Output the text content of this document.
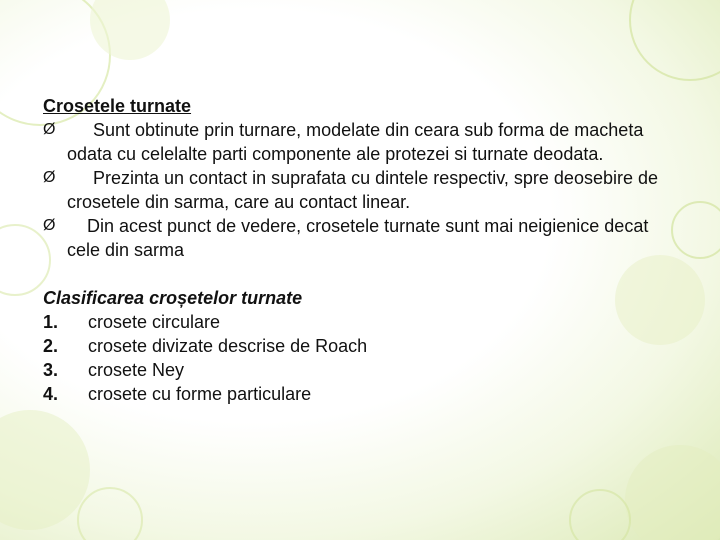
Crosetele turnate
Ø	Sunt obtinute prin turnare, modelate din ceara sub forma de macheta odata cu celelalte parti componente ale protezei si turnate deodata.
Ø	Prezinta un contact in suprafata cu dintele respectiv, spre deosebire de crosetele din sarma, care au contact linear.
Ø	Din acest punct de vedere, crosetele turnate sunt mai neigienice decat cele din sarma
Clasificarea croșetelor turnate
1.	crosete circulare
2.	crosete divizate descrise de Roach
3.	crosete Ney
4.	crosete cu forme particulare
